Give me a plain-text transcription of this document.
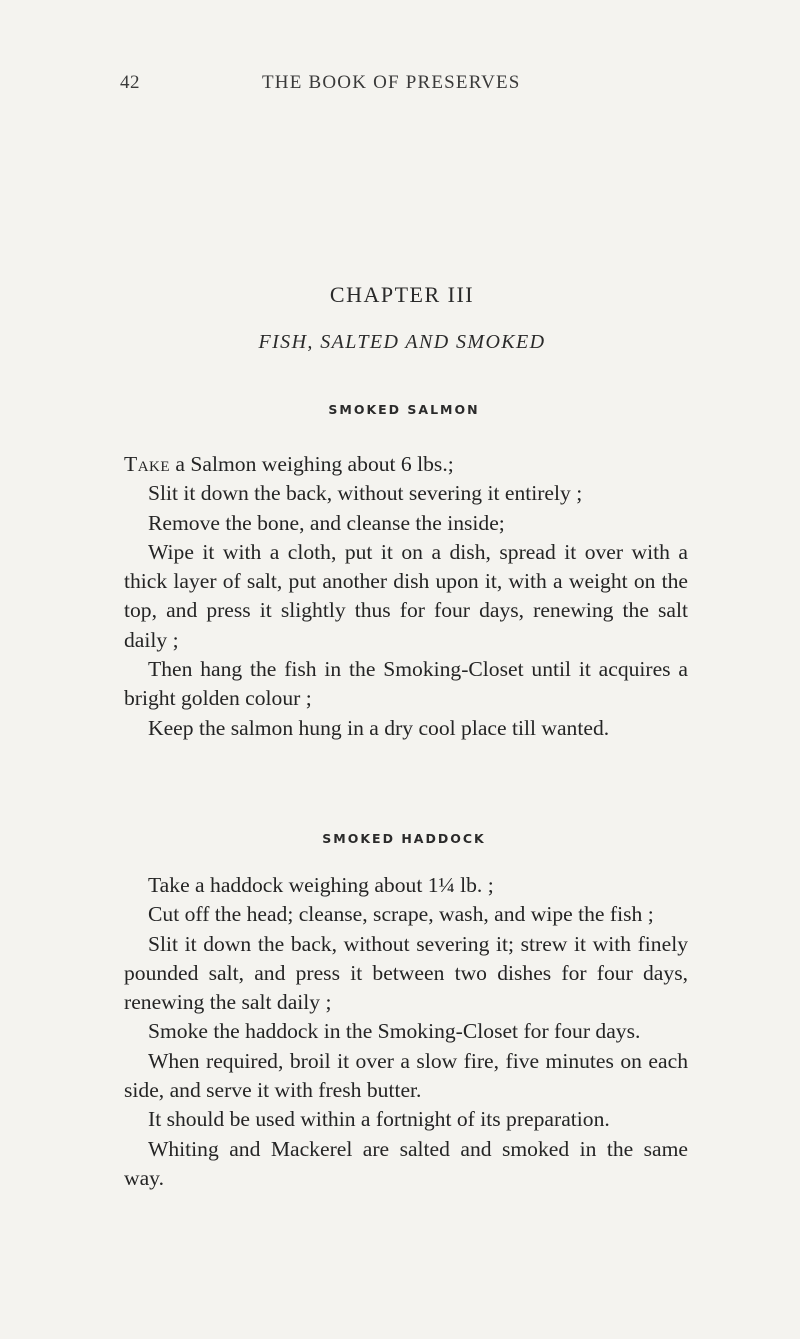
42	THE BOOK OF PRESERVES
CHAPTER III
FISH, SALTED AND SMOKED
SMOKED SALMON

Take a Salmon weighing about 6 lbs.;

Slit it down the back, without severing it entirely ;

Remove the bone, and cleanse the inside;

Wipe it with a cloth, put it on a dish, spread it over with a thick layer of salt, put another dish upon it, with a weight on the top, and press it slightly thus for four days, renewing the salt daily ;

Then hang the fish in the Smoking-Closet until it acquires a bright golden colour ;

Keep the salmon hung in a dry cool place till wanted.

SMOKED HADDOCK

Take a haddock weighing about 1¼ lb. ;

Cut off the head; cleanse, scrape, wash, and wipe the fish ;

Slit it down the back, without severing it; strew it with finely pounded salt, and press it between two dishes for four days, renewing the salt daily ;

Smoke the haddock in the Smoking-Closet for four days.

When required, broil it over a slow fire, five minutes on each side, and serve it with fresh butter.

It should be used within a fortnight of its preparation.

Whiting and Mackerel are salted and smoked in the same way.
